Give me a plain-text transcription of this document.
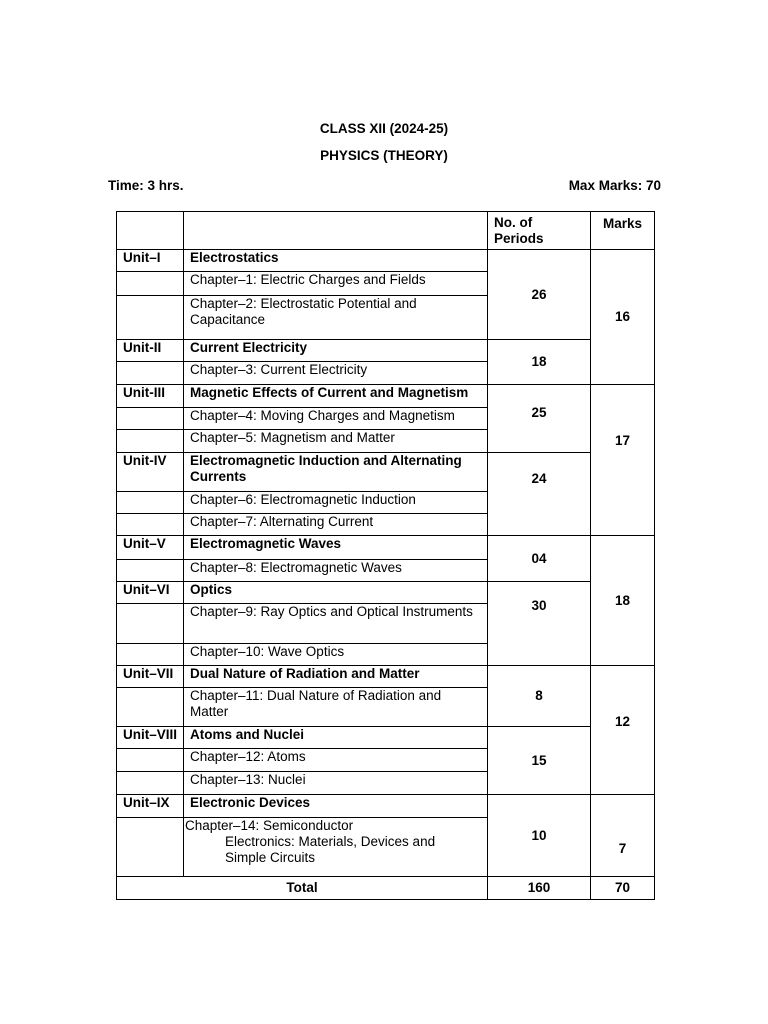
CLASS XII (2024-25)
PHYSICS (THEORY)
Time: 3 hrs.	Max Marks: 70
		No. of Periods	Marks
Unit–I	Electrostatics	26	16
	Chapter–1: Electric Charges and Fields		
	Chapter–2: Electrostatic Potential and Capacitance		
Unit-II	Current Electricity	18	
	Chapter–3: Current Electricity		
Unit-III	Magnetic Effects of Current and Magnetism	25	17
	Chapter–4: Moving Charges and Magnetism		
	Chapter–5: Magnetism and Matter		
Unit-IV	Electromagnetic Induction and Alternating Currents	24	
	Chapter–6: Electromagnetic Induction		
	Chapter–7: Alternating Current		
Unit–V	Electromagnetic Waves	04	18
	Chapter–8: Electromagnetic Waves		
Unit–VI	Optics	30	
	Chapter–9: Ray Optics and Optical Instruments		
	Chapter–10: Wave Optics		
Unit–VII	Dual Nature of Radiation and Matter	8	12
	Chapter–11: Dual Nature of Radiation and Matter		
Unit–VIII	Atoms and Nuclei	15	
	Chapter–12: Atoms		
	Chapter–13: Nuclei		
Unit–IX	Electronic Devices	10	7

	Chapter–14: Semiconductor
Electronics: Materials, Devices and
Simple Circuits		

Total		160	70
